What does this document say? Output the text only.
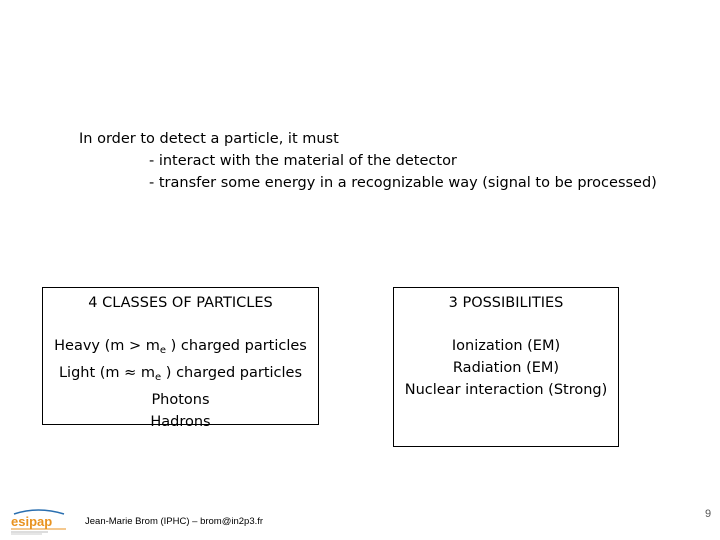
In order to detect a particle, it must
- interact with the material of the detector
- transfer some energy in a recognizable way (signal to be processed)
4 CLASSES OF PARTICLES
Heavy ($m > m_e$ ) charged particles
Light ($m \approx m_e$ ) charged particles
Photons
Hadrons
3 POSSIBILITIES
Ionization (EM)
Radiation (EM)
Nuclear interaction (Strong)
esipap	Jean-Marie Brom (IPHC) – brom@in2p3.fr
9
